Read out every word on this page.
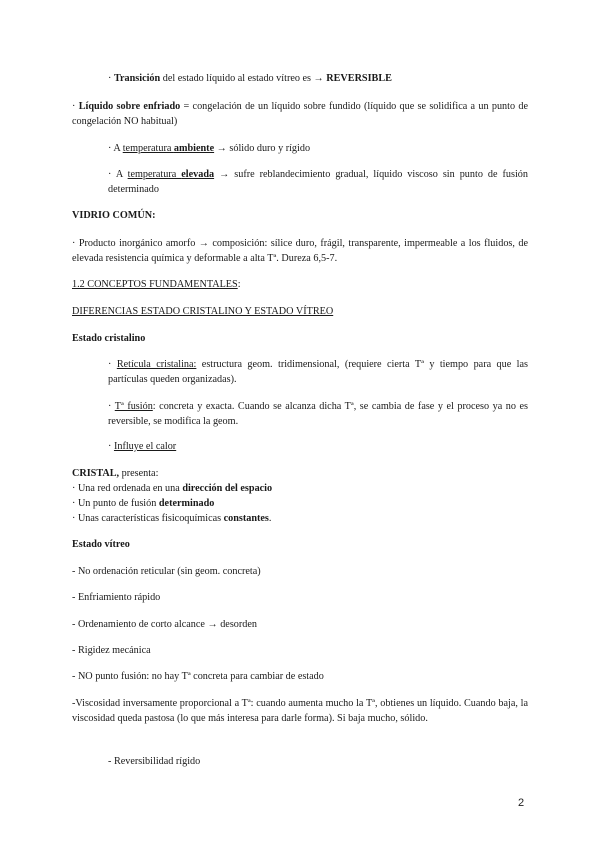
· Transición del estado líquido al estado vítreo es → REVERSIBLE

· Líquido sobre enfriado = congelación de un líquido sobre fundido (líquido que se solidifica a un punto de congelación NO habitual)

· A temperatura ambiente → sólido duro y rígido

· A temperatura elevada → sufre reblandecimiento gradual, líquido viscoso sin punto de fusión determinado

VIDRIO COMÚN:

· Producto inorgánico amorfo → composición: sílice duro, frágil, transparente, impermeable a los fluidos, de elevada resistencia química y deformable a alta Tª. Dureza 6,5-7.

1.2 CONCEPTOS FUNDAMENTALES:

DIFERENCIAS ESTADO CRISTALINO Y ESTADO VÍTREO

Estado cristalino

· Retícula cristalina: estructura geom. tridimensional, (requiere cierta Tª y tiempo para que las partículas queden organizadas).

· Tª fusión: concreta y exacta. Cuando se alcanza dicha Tª, se cambia de fase y el proceso ya no es reversible, se modifica la geom.

· Influye el calor

CRISTAL, presenta:
· Una red ordenada en una dirección del espacio
· Un punto de fusión determinado
· Unas características fisicoquímicas constantes.

Estado vítreo

- No ordenación reticular (sin geom. concreta)

- Enfriamiento rápido

- Ordenamiento de corto alcance → desorden

- Rigidez mecánica

- NO punto fusión: no hay Tª concreta para cambiar de estado

-Viscosidad inversamente proporcional a Tª: cuando aumenta mucho la Tª, obtienes un líquido. Cuando baja, la viscosidad queda pastosa (lo que más interesa para darle forma). Si baja mucho, sólido.

- Reversibilidad rígido

2
